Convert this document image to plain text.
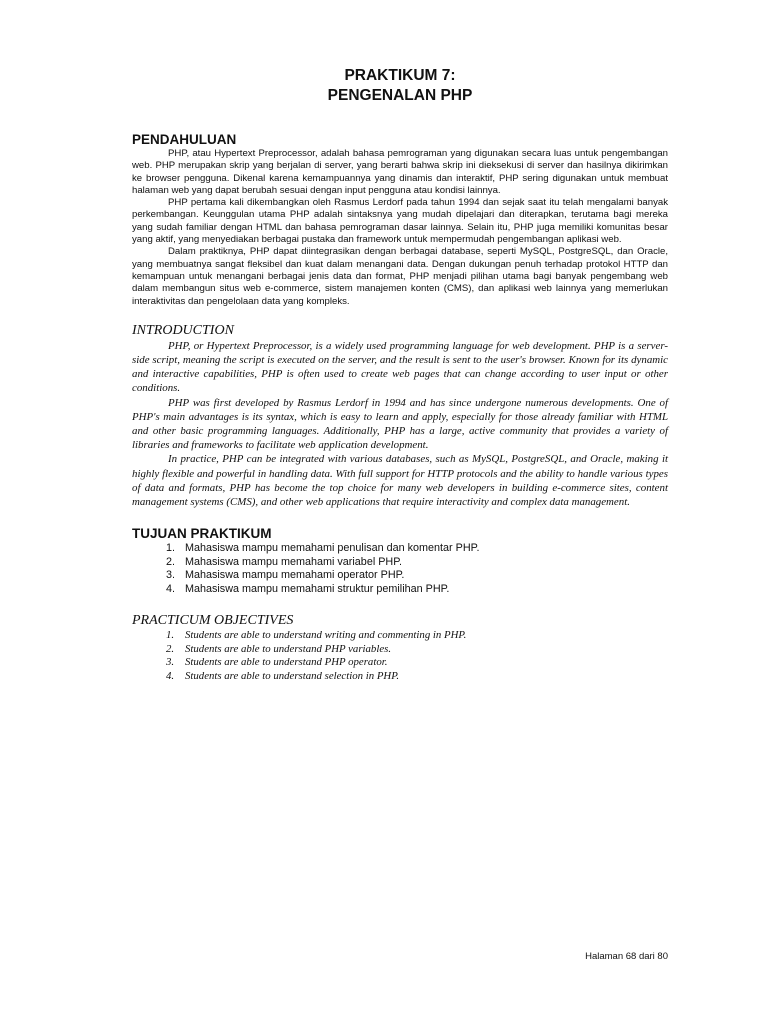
PRAKTIKUM 7:

PENGENALAN PHP

PENDAHULUAN

PHP, atau Hypertext Preprocessor, adalah bahasa pemrograman yang digunakan secara luas untuk pengembangan web. PHP merupakan skrip yang berjalan di server, yang berarti bahwa skrip ini dieksekusi di server dan hasilnya dikirimkan ke browser pengguna. Dikenal karena kemampuannya yang dinamis dan interaktif, PHP sering digunakan untuk membuat halaman web yang dapat berubah sesuai dengan input pengguna atau kondisi lainnya.

PHP pertama kali dikembangkan oleh Rasmus Lerdorf pada tahun 1994 dan sejak saat itu telah mengalami banyak perkembangan. Keunggulan utama PHP adalah sintaksnya yang mudah dipelajari dan diterapkan, terutama bagi mereka yang sudah familiar dengan HTML dan bahasa pemrograman dasar lainnya. Selain itu, PHP juga memiliki komunitas besar yang aktif, yang menyediakan berbagai pustaka dan framework untuk mempermudah pengembangan aplikasi web.

Dalam praktiknya, PHP dapat diintegrasikan dengan berbagai database, seperti MySQL, PostgreSQL, dan Oracle, yang membuatnya sangat fleksibel dan kuat dalam menangani data. Dengan dukungan penuh terhadap protokol HTTP dan kemampuan untuk menangani berbagai jenis data dan format, PHP menjadi pilihan utama bagi banyak pengembang web dalam membangun situs web e-commerce, sistem manajemen konten (CMS), dan aplikasi web lainnya yang memerlukan interaktivitas dan pengelolaan data yang kompleks.

INTRODUCTION

PHP, or Hypertext Preprocessor, is a widely used programming language for web development. PHP is a server-side script, meaning the script is executed on the server, and the result is sent to the user's browser. Known for its dynamic and interactive capabilities, PHP is often used to create web pages that can change according to user input or other conditions.

PHP was first developed by Rasmus Lerdorf in 1994 and has since undergone numerous developments. One of PHP's main advantages is its syntax, which is easy to learn and apply, especially for those already familiar with HTML and other basic programming languages. Additionally, PHP has a large, active community that provides a variety of libraries and frameworks to facilitate web application development.

In practice, PHP can be integrated with various databases, such as MySQL, PostgreSQL, and Oracle, making it highly flexible and powerful in handling data. With full support for HTTP protocols and the ability to handle various types of data and formats, PHP has become the top choice for many web developers in building e-commerce sites, content management systems (CMS), and other web applications that require interactivity and complex data management.

TUJUAN PRAKTIKUM

1. Mahasiswa mampu memahami penulisan dan komentar PHP.
2. Mahasiswa mampu memahami variabel PHP.
3. Mahasiswa mampu memahami operator PHP.
4. Mahasiswa mampu memahami struktur pemilihan PHP.

PRACTICUM OBJECTIVES

1.	Students are able to understand writing and commenting in PHP.
2.	Students are able to understand PHP variables.
3.	Students are able to understand PHP operator.
4.	Students are able to understand selection in PHP.
Halaman 68 dari 80
